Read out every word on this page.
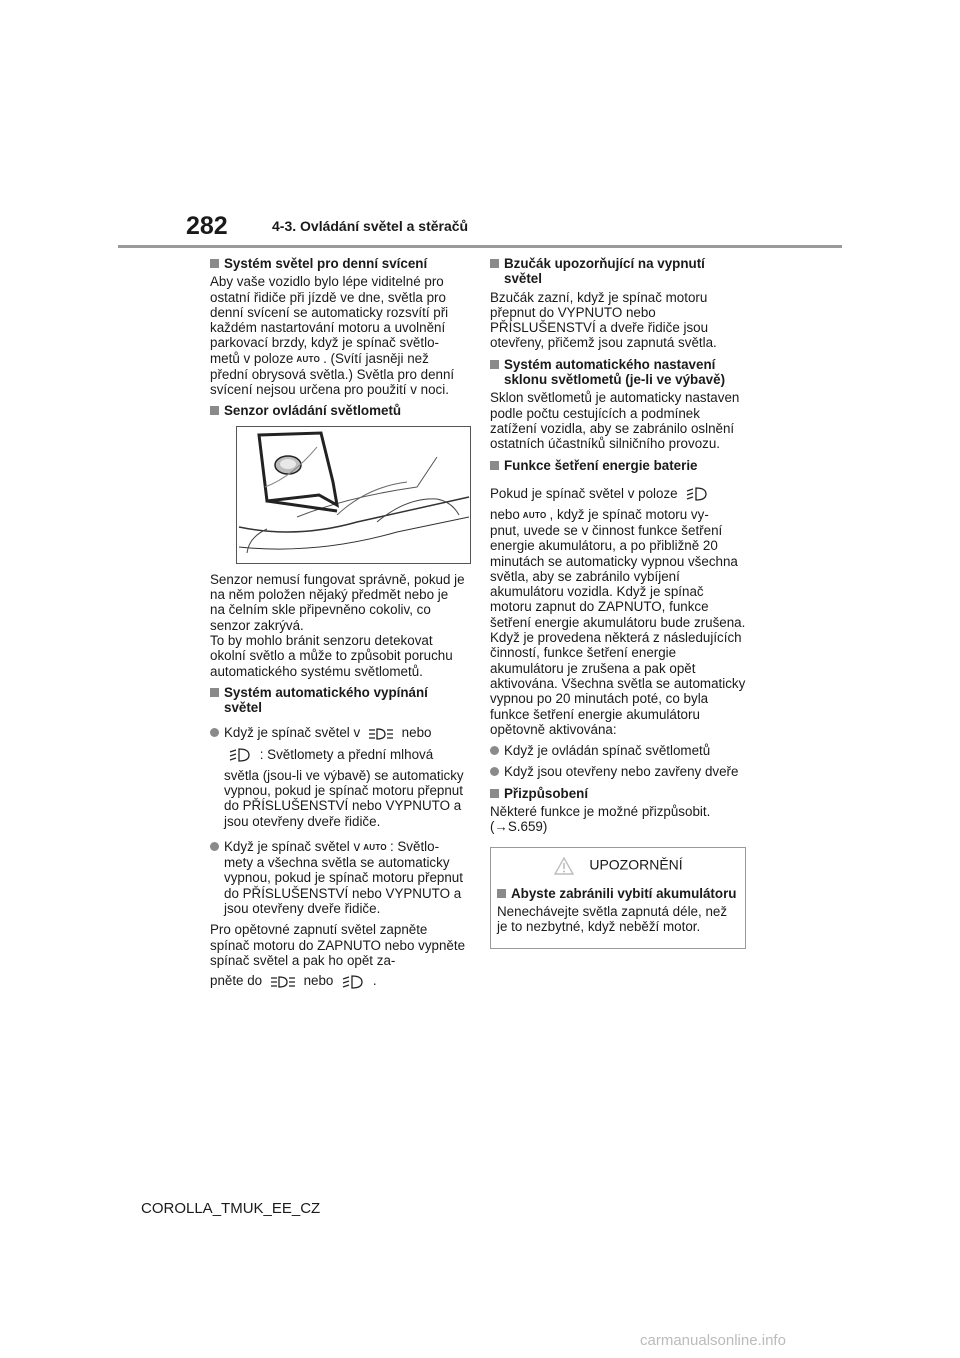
282	4-3. Ovládání světel a stěračů
Systém světel pro denní svícení
Aby vaše vozidlo bylo lépe viditelné pro ostatní řidiče při jízdě ve dne, světla pro denní svícení se automaticky rozsvítí při každém nastartování motoru a uvolnění parkovací brzdy, když je spínač světlo-
metů v poloze AUTO . (Svítí jasněji než
přední obrysová světla.) Světla pro denní svícení nejsou určena pro použití v noci.
Senzor ovládání světlometů
Senzor nemusí fungovat správně, pokud je na něm položen nějaký předmět nebo je na čelním skle připevněno cokoliv, co senzor zakrývá.
To by mohlo bránit senzoru detekovat okolní světlo a může to způsobit poruchu automatického systému světlometů.
Systém automatického vypínání světel
Když je spínač světel v	nebo
: Světlomety a přední mlhová
světla (jsou-li ve výbavě) se automaticky vypnou, pokud je spínač motoru přepnut do PŘÍSLUŠENSTVÍ nebo VYPNUTO a jsou otevřeny dveře řidiče.
Když je spínač světel v AUTO : Světlo-
mety a všechna světla se automaticky vypnou, pokud je spínač motoru přepnut do PŘÍSLUŠENSTVÍ nebo VYPNUTO a jsou otevřeny dveře řidiče.
Pro opětovné zapnutí světel zapněte spínač motoru do ZAPNUTO nebo vypněte spínač světel a pak ho opět za-
pněte do	nebo	.
Bzučák upozorňující na vypnutí světel
Bzučák zazní, když je spínač motoru přepnut do VYPNUTO nebo PŘÍSLUŠENSTVÍ a dveře řidiče jsou otevřeny, přičemž jsou zapnutá světla.
Systém automatického nastavení sklonu světlometů (je-li ve výbavě)
Sklon světlometů je automaticky nastaven podle počtu cestujících a podmínek zatížení vozidla, aby se zabránilo oslnění ostatních účastníků silničního provozu.
Funkce šetření energie baterie
Pokud je spínač světel v poloze
nebo AUTO , když je spínač motoru vy-
pnut, uvede se v činnost funkce šetření energie akumulátoru, a po přibližně 20 minutách se automaticky vypnou všechna světla, aby se zabránilo vybíjení akumulátoru vozidla. Když je spínač motoru zapnut do ZAPNUTO, funkce šetření energie akumulátoru bude zrušena.
Když je provedena některá z následujících činností, funkce šetření energie akumulátoru je zrušena a pak opět aktivována. Všechna světla se automaticky vypnou po 20 minutách poté, co byla funkce šetření energie akumulátoru opětovně aktivována:
Když je ovládán spínač světlometů
Když jsou otevřeny nebo zavřeny dveře
Přizpůsobení
Některé funkce je možné přizpůsobit.
(→S.659)
UPOZORNĚNÍ
Abyste zabránili vybití akumulátoru
Nenechávejte světla zapnutá déle, než je to nezbytné, když neběží motor.
COROLLA_TMUK_EE_CZ
carmanualsonline.info
